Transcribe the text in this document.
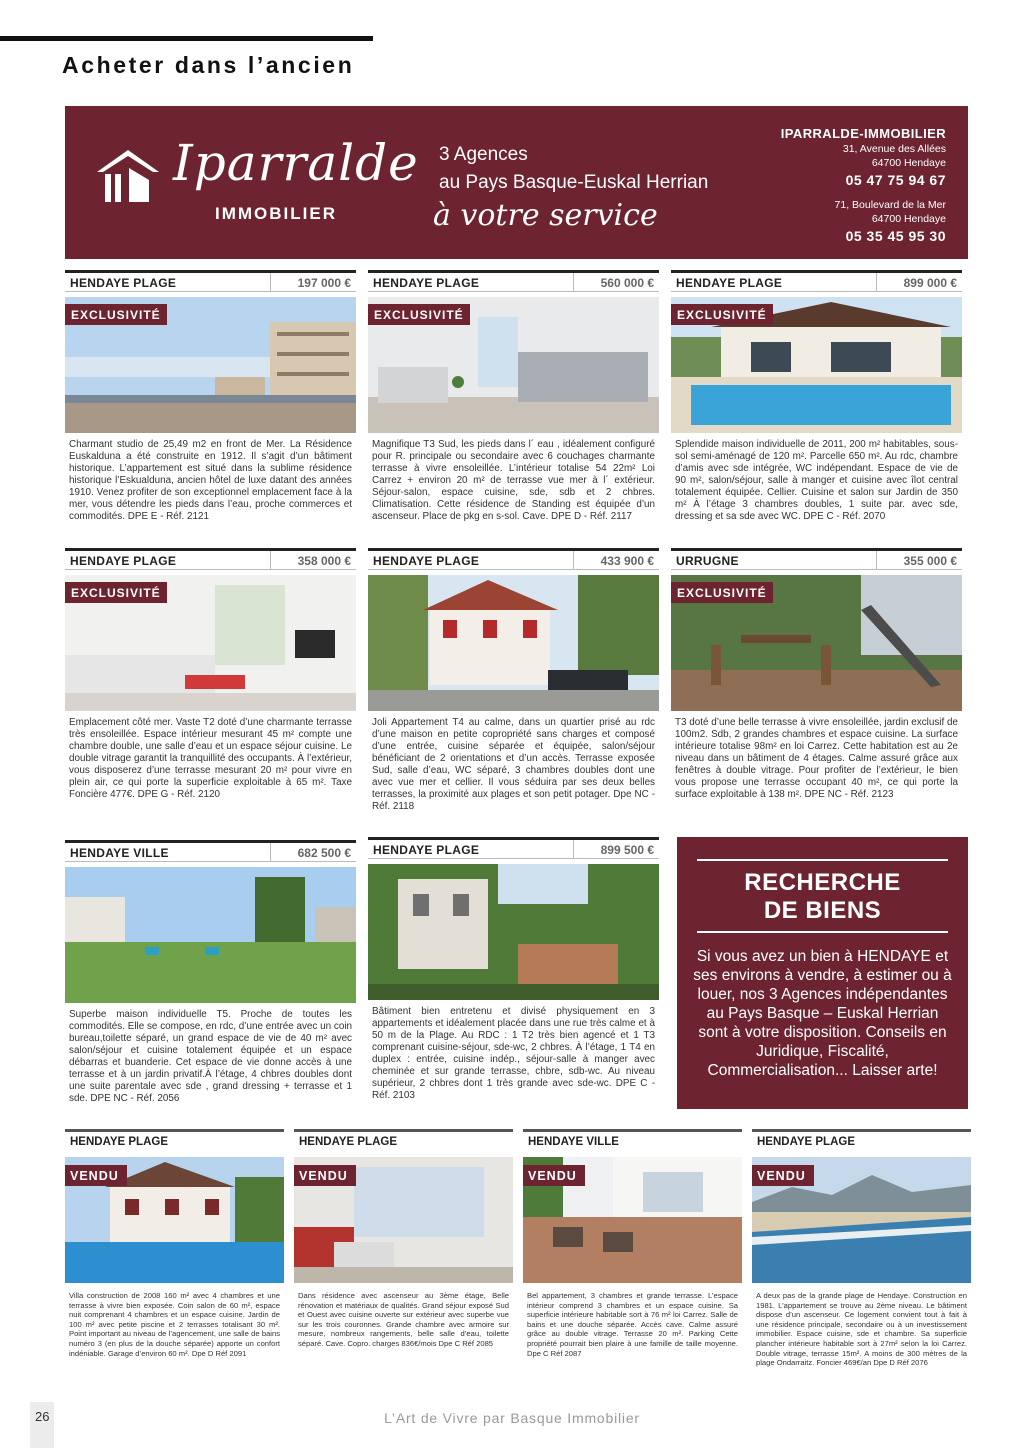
Acheter dans l’ancien
Iparralde
IMMOBILIER
3 Agences
au Pays Basque-Euskal Herrian
à votre service
IPARRALDE-IMMOBILIER
31, Avenue des Allées
64700 Hendaye
05 47 75 94 67
71, Boulevard de la Mer
64700 Hendaye
05 35 45 95 30
HENDAYE PLAGE	197 000 €
EXCLUSIVITÉ
Charmant studio de 25,49 m2 en front de Mer. La Résidence Euskalduna a été construite en 1912. Il s’agit d’un bâtiment historique. L’appartement est situé dans la sublime résidence historique l’Eskualduna, ancien hôtel de luxe datant des années 1910. Venez profiter de son exceptionnel emplacement face à la mer, vous détendre les pieds dans l’eau, proche commerces et commodités. DPE E - Réf. 2121
HENDAYE PLAGE	560 000 €
EXCLUSIVITÉ
Magnifique T3 Sud, les pieds dans l´ eau , idéalement configuré pour R. principale ou secondaire avec 6 couchages charmante terrasse à vivre ensoleillée. L’intérieur totalise 54 22m² Loi Carrez + environ 20 m² de terrasse vue mer à l´ extérieur. Séjour-salon, espace cuisine, sde, sdb et 2 chbres. Climatisation. Cette résidence de Standing est équipée d’un ascenseur. Place de pkg en s-sol. Cave. DPE D - Réf. 2117
HENDAYE PLAGE	899 000 €
EXCLUSIVITÉ
Splendide maison individuelle de 2011, 200 m² habitables, sous-sol semi-aménagé de 120 m². Parcelle 650 m². Au rdc, chambre d’amis avec sde intégrée, WC indépendant. Espace de vie de 90 m², salon/séjour, salle à manger et cuisine avec îlot central totalement équipée. Cellier. Cuisine et salon sur Jardin de 350 m² À l’étage 3 chambres doubles, 1 suite par. avec sde, dressing et sa sde avec WC. DPE C - Réf. 2070
HENDAYE PLAGE	358 000 €
EXCLUSIVITÉ
Emplacement côté mer. Vaste T2 doté d’une charmante terrasse très ensoleillée. Espace intérieur mesurant 45 m² compte une chambre double, une salle d’eau et un espace séjour cuisine. Le double vitrage garantit la tranquillité des occupants. À l’extérieur, vous disposerez d’une terrasse mesurant 20 m² pour vivre en plein air, ce qui porte la superficie exploitable à 65 m². Taxe Foncière 477€. DPE G - Réf. 2120
HENDAYE PLAGE	433 900 €
Joli Appartement T4 au calme, dans un quartier prisé au rdc d’une maison en petite copropriété sans charges et composé d’une entrée, cuisine séparée et équipée, salon/séjour bénéficiant de 2 orientations et d’un accès. Terrasse exposée Sud, salle d’eau, WC séparé, 3 chambres doubles dont une avec vue mer et cellier. Il vous séduira par ses deux belles terrasses, la proximité aux plages et son petit potager. Dpe NC - Réf. 2118
URRUGNE	355 000 €
EXCLUSIVITÉ
T3 doté d’une belle terrasse à vivre ensoleillée, jardin exclusif de 100m2. Sdb, 2 grandes chambres et espace cuisine. La surface intérieure totalise 98m² en loi Carrez. Cette habitation est au 2e niveau dans un bâtiment de 4 étages. Calme assuré grâce aux fenêtres à double vitrage. Pour profiter de l’extérieur, le bien vous propose une terrasse occupant 40 m², ce qui porte la surface exploitable à 138 m². DPE NC - Réf. 2123
HENDAYE VILLE	682 500 €
Superbe maison individuelle T5. Proche de toutes les commodités. Elle se compose, en rdc, d’une entrée avec un coin bureau,toilette séparé, un grand espace de vie de 40 m² avec salon/séjour et cuisine totalement équipée et un espace débarras et buanderie. Cet espace de vie donne accès à une terrasse et à un jardin privatif.À l’étage, 4 chbres doubles dont une suite parentale avec sde , grand dressing + terrasse et 1 sde. DPE NC - Réf. 2056
HENDAYE PLAGE	899 500 €
Bâtiment bien entretenu et divisé physiquement en 3 appartements et idéalement placée dans une rue très calme et à 50 m de la Plage. Au RDC : 1 T2 très bien agencé et 1 T3 comprenant cuisine-séjour, sde-wc, 2 chbres. À l’étage, 1 T4 en duplex : entrée, cuisine indép., séjour-salle à manger avec cheminée et sur grande terrasse, chbre, sdb-wc. Au niveau supérieur, 2 chbres dont 1 très grande avec sde-wc. DPE C - Réf. 2103
RECHERCHE
DE BIENS
Si vous avez un bien à HENDAYE et ses environs à vendre, à estimer ou à louer, nos 3 Agences indépendantes au Pays Basque – Euskal Herrian sont à votre disposition. Conseils en Juridique, Fiscalité, Commercialisation... Laisser arte!
HENDAYE PLAGE
VENDU
Villa construction de 2008 160 m² avec 4 chambres et une terrasse à vivre bien exposée. Coin salon de 60 m², espace nuit comprenant 4 chambres et un espace cuisine. Jardin de 100 m² avec petite piscine et 2 terrasses totalisant 30 m². Point important au niveau de l’agencement, une salle de bains numéro 3 (en plus de la douche séparée) apporte un confort indéniable. Garage d’environ 60 m². Dpe D Réf 2091
HENDAYE PLAGE
VENDU
Dans résidence avec ascenseur au 3ème étage, Belle rénovation et matériaux de qualités. Grand séjour exposé Sud et Ouest avec cuisine ouverte sur extérieur avec superbe vue sur les trois couronnes. Grande chambre avec armoire sur mesure, nombreux rangements, belle salle d’eau, toilette séparé. Cave. Copro. charges 836€/mois Dpe C Réf 2085
HENDAYE VILLE
VENDU
Bel appartement, 3 chambres et grande terrasse. L’espace intérieur comprend 3 chambres et un espace cuisine. Sa superficie intérieure habitable sort à 76 m² loi Carrez. Salle de bains et une douche séparée. Accès cave. Calme assuré grâce au double vitrage. Terrasse 20 m². Parking Cette propriété pourrait bien plaire à une famille de taille moyenne. Dpe C Réf 2087
HENDAYE PLAGE
VENDU
A deux pas de la grande plage de Hendaye. Construction en 1981. L’appartement se trouve au 2ème niveau. Le bâtiment dispose d’un ascenseur. Ce logement convient tout à fait à une résidence principale, secondaire ou à un investissement immobilier. Espace cuisine, sde et chambre. Sa superficie plancher intérieure habitable sort à 27m² selon la loi Carrez. Double vitrage, terrasse 15m². A moins de 300 mètres de la plage Ondarraitz. Foncier 469€/an Dpe D Réf 2076
26	L’Art de Vivre par Basque Immobilier
